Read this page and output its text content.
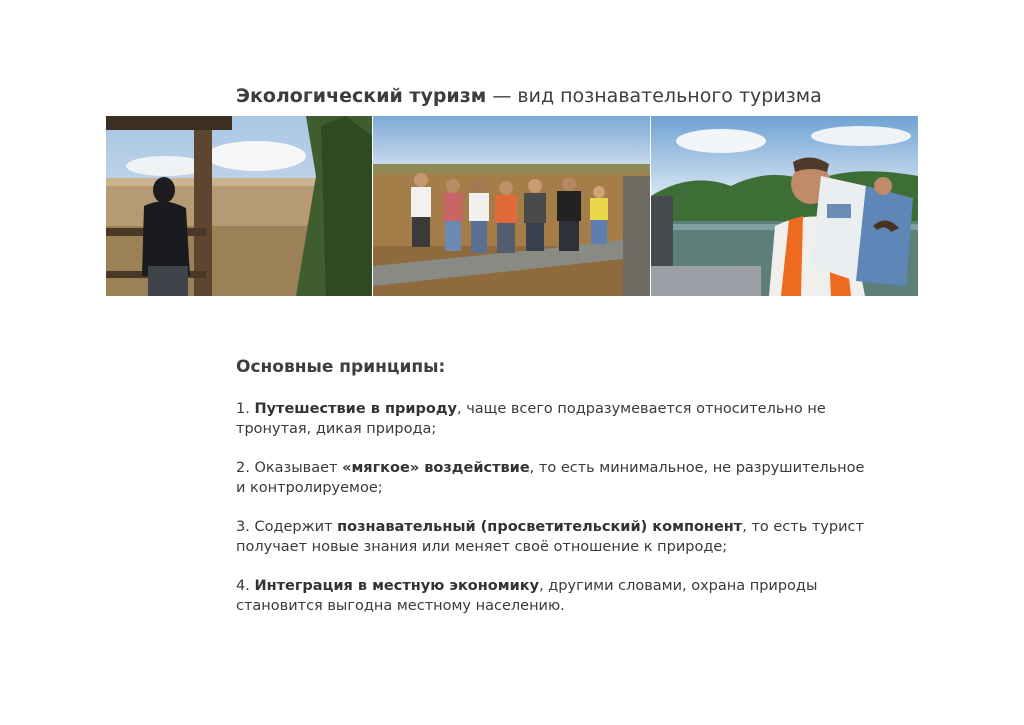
Экологический туризм — вид познавательного туризма
Основные принципы:

1. Путешествие в природу, чаще всего подразумевается относительно не тронутая, дикая природа;

2. Оказывает «мягкое» воздействие, то есть минимальное, не разрушительное и контролируемое;

3. Содержит познавательный (просветительский) компонент, то есть турист получает новые знания или меняет своё отношение к природе;

4. Интеграция в местную экономику, другими словами, охрана природы становится выгодна местному населению.
